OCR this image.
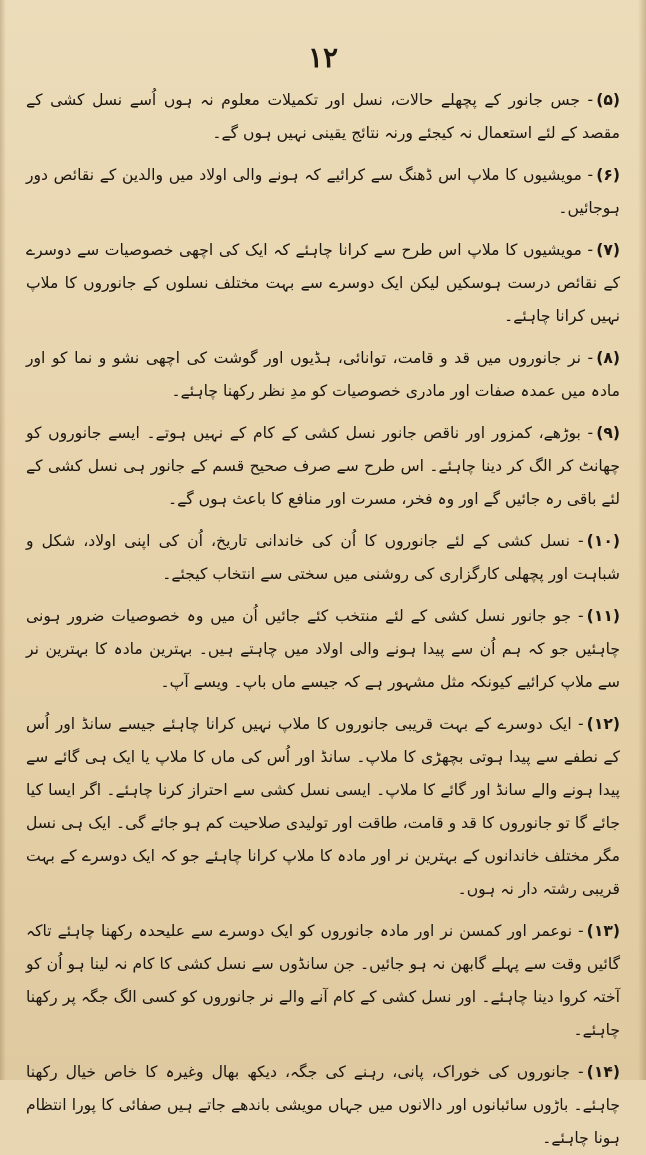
۱۲

(۵)- جس جانور کے پچھلے حالات، نسل اور تکمیلات معلوم نہ ہوں اُسے نسل کشی کے مقصد کے لئے استعمال نہ کیجئے ورنہ نتائج یقینی نہیں ہوں گے۔

(۶)- مویشیوں کا ملاپ اس ڈھنگ سے کرائیے کہ ہونے والی اولاد میں والدین کے نقائص دور ہوجائیں۔

(۷)- مویشیوں کا ملاپ اس طرح سے کرانا چاہئے کہ ایک کی اچھی خصوصیات سے دوسرے کے نقائص درست ہوسکیں لیکن ایک دوسرے سے بہت مختلف نسلوں کے جانوروں کا ملاپ نہیں کرانا چاہئے۔

(۸)- نر جانوروں میں قد و قامت، توانائی، ہڈیوں اور گوشت کی اچھی نشو و نما کو اور مادہ میں عمدہ صفات اور مادری خصوصیات کو مدِ نظر رکھنا چاہئے۔

(۹)- بوڑھے، کمزور اور ناقص جانور نسل کشی کے کام کے نہیں ہوتے۔ ایسے جانوروں کو چھانٹ کر الگ کر دینا چاہئے۔ اس طرح سے صرف صحیح قسم کے جانور ہی نسل کشی کے لئے باقی رہ جائیں گے اور وہ فخر، مسرت اور منافع کا باعث ہوں گے۔

(۱۰)- نسل کشی کے لئے جانوروں کا اُن کی خاندانی تاریخ، اُن کی اپنی اولاد، شکل و شباہت اور پچھلی کارگزاری کی روشنی میں سختی سے انتخاب کیجئے۔

(۱۱)- جو جانور نسل کشی کے لئے منتخب کئے جائیں اُن میں وہ خصوصیات ضرور ہونی چاہئیں جو کہ ہم اُن سے پیدا ہونے والی اولاد میں چاہتے ہیں۔ بہترین مادہ کا بہترین نر سے ملاپ کرائیے کیونکہ مثل مشہور ہے کہ جیسے ماں باپ۔ ویسے آپ۔

(۱۲)- ایک دوسرے کے بہت قریبی جانوروں کا ملاپ نہیں کرانا چاہئے جیسے سانڈ اور اُس کے نطفے سے پیدا ہوتی بچھڑی کا ملاپ۔ سانڈ اور اُس کی ماں کا ملاپ یا ایک ہی گائے سے پیدا ہونے والے سانڈ اور گائے کا ملاپ۔ ایسی نسل کشی سے احتراز کرنا چاہئے۔ اگر ایسا کیا جائے گا تو جانوروں کا قد و قامت، طاقت اور تولیدی صلاحیت کم ہو جائے گی۔ ایک ہی نسل مگر مختلف خاندانوں کے بہترین نر اور مادہ کا ملاپ کرانا چاہئے جو کہ ایک دوسرے کے بہت قریبی رشتہ دار نہ ہوں۔

(۱۳)- نوعمر اور کمسن نر اور مادہ جانوروں کو ایک دوسرے سے علیحدہ رکھنا چاہئے تاکہ گائیں وقت سے پہلے گابھن نہ ہو جائیں۔ جن سانڈوں سے نسل کشی کا کام نہ لینا ہو اُن کو آختہ کروا دینا چاہئے۔ اور نسل کشی کے کام آنے والے نر جانوروں کو کسی الگ جگہ پر رکھنا چاہئے۔

(۱۴)- جانوروں کی خوراک، پانی، رہنے کی جگہ، دیکھ بھال وغیرہ کا خاص خیال رکھنا چاہئے۔ باڑوں سائبانوں اور دالانوں میں جہاں مویشی باندھے جاتے ہیں صفائی کا پورا انتظام ہونا چاہئے۔
